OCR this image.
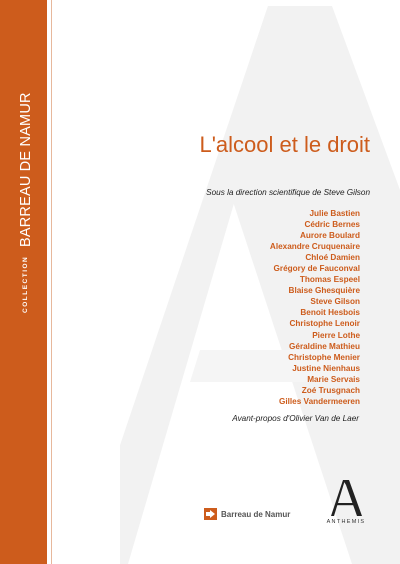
BARREAU DE NAMUR
COLLECTION
L'alcool et le droit
Sous la direction scientifique de Steve Gilson
Julie Bastien
Cédric Bernes
Aurore Boulard
Alexandre Cruquenaire
Chloé Damien
Grégory de Fauconval
Thomas Espeel
Blaise Ghesquière
Steve Gilson
Benoit Hesbois
Christophe Lenoir
Pierre Lothe
Géraldine Mathieu
Christophe Menier
Justine Nienhaus
Marie Servais
Zoé Trusgnach
Gilles Vandermeeren
Avant-propos d'Olivier Van de Laer
Barreau de Namur
ANTHEMIS
